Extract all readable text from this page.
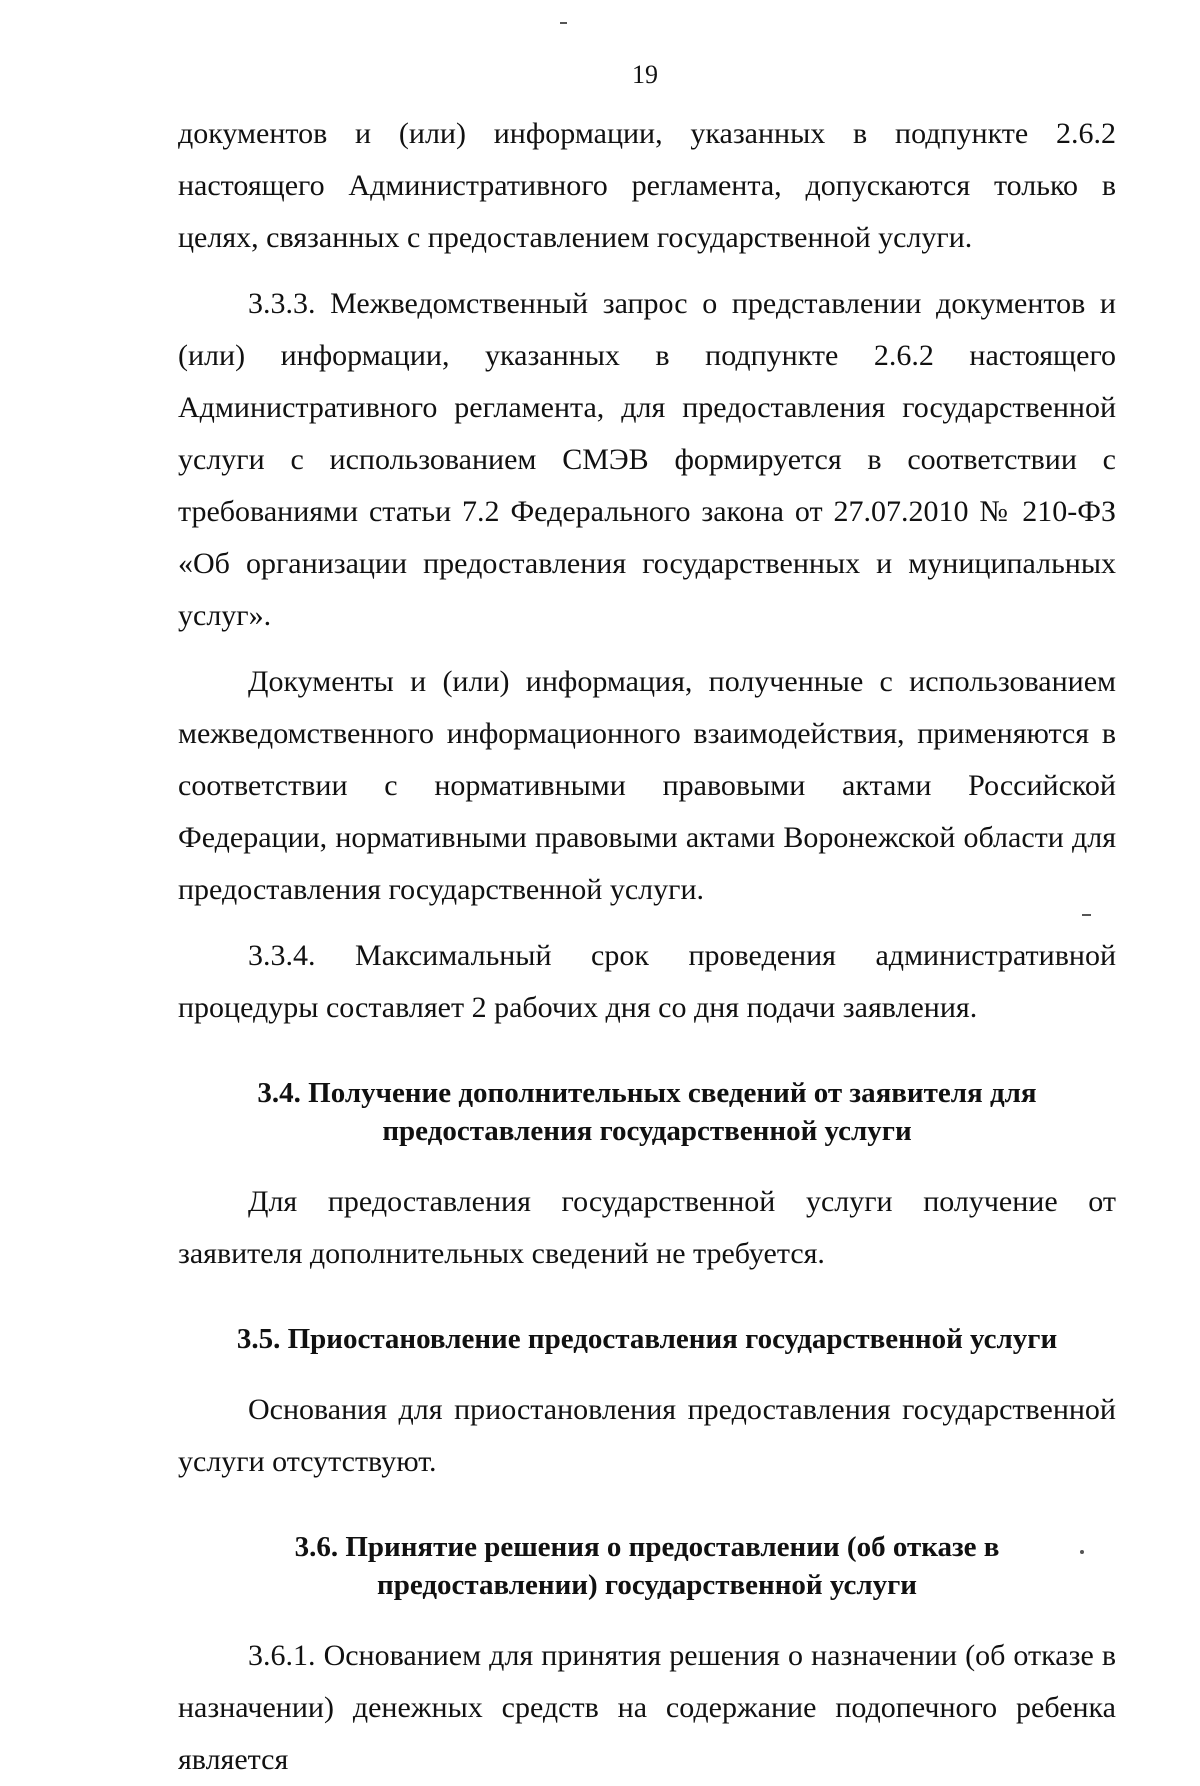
19

документов и (или) информации, указанных в подпункте 2.6.2 настоящего Административного регламента, допускаются только в целях, связанных с предоставлением государственной услуги.

3.3.3. Межведомственный запрос о представлении документов и (или) информации, указанных в подпункте 2.6.2 настоящего Административного регламента, для предоставления государственной услуги с использованием СМЭВ формируется в соответствии с требованиями статьи 7.2 Федерального закона от 27.07.2010 № 210-ФЗ «Об организации предоставления государственных и муниципальных услуг».

Документы и (или) информация, полученные с использованием межведомственного информационного взаимодействия, применяются в соответствии с нормативными правовыми актами Российской Федерации, нормативными правовыми актами Воронежской области для предоставления государственной услуги.

3.3.4. Максимальный срок проведения административной процедуры составляет 2 рабочих дня со дня подачи заявления.

3.4. Получение дополнительных сведений от заявителя для
предоставления государственной услуги

Для предоставления государственной услуги получение от заявителя дополнительных сведений не требуется.

3.5. Приостановление предоставления государственной услуги

Основания для приостановления предоставления государственной услуги отсутствуют.

3.6. Принятие решения о предоставлении (об отказе в
предоставлении) государственной услуги

3.6.1. Основанием для принятия решения о назначении (об отказе в назначении) денежных средств на содержание подопечного ребенка является
